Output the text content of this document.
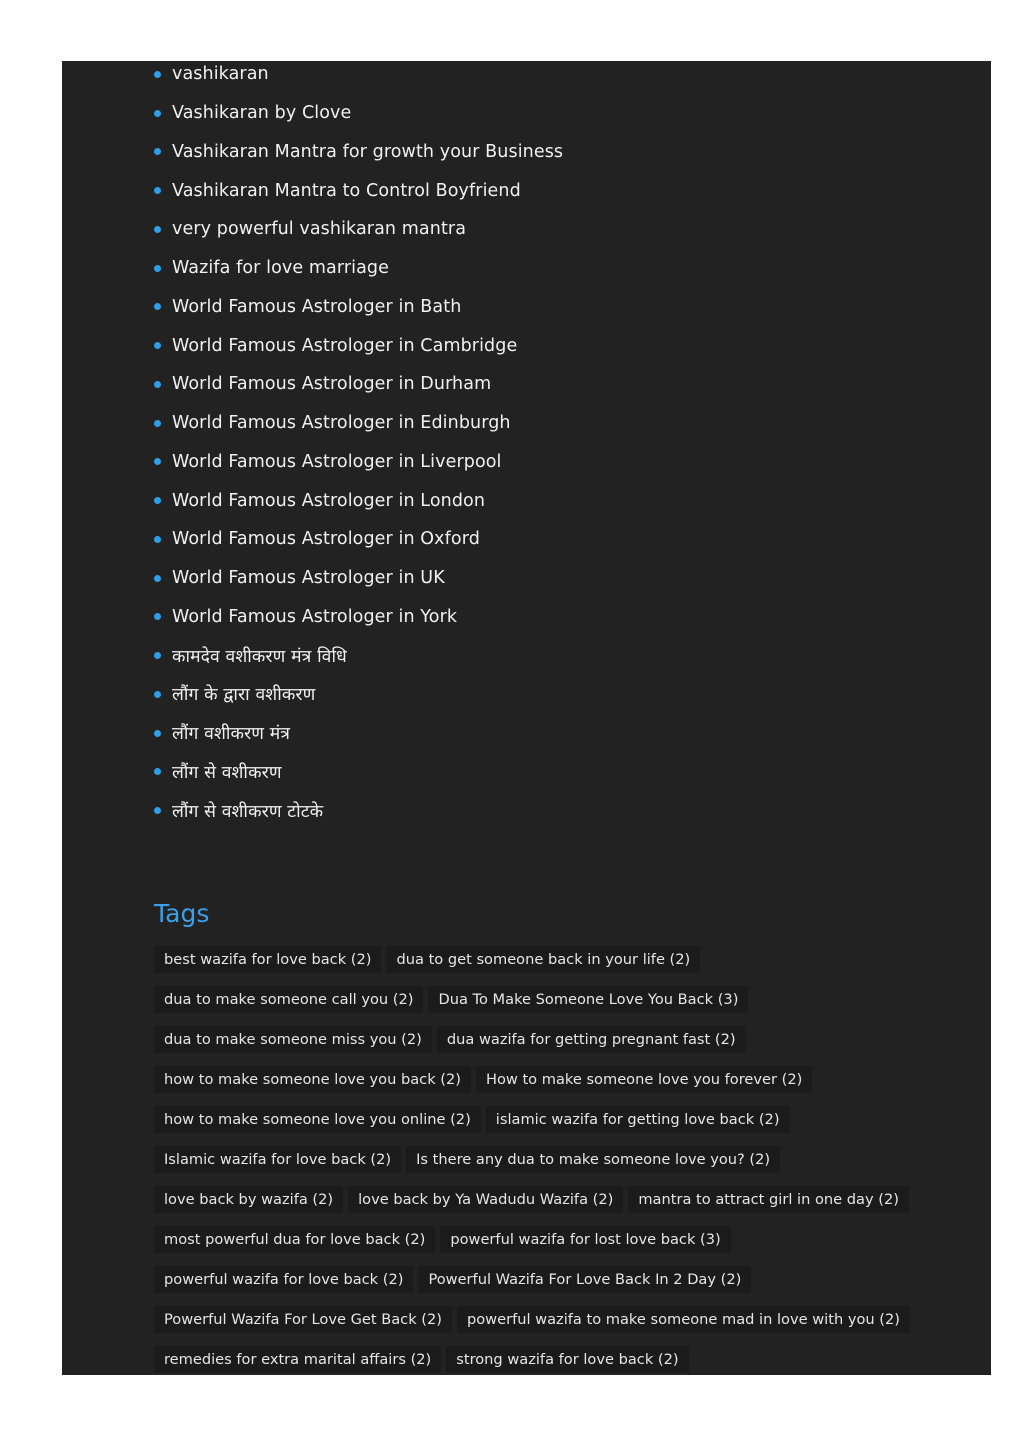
vashikaran
Vashikaran by Clove
Vashikaran Mantra for growth your Business
Vashikaran Mantra to Control Boyfriend
very powerful vashikaran mantra
Wazifa for love marriage
World Famous Astrologer in Bath
World Famous Astrologer in Cambridge
World Famous Astrologer in Durham
World Famous Astrologer in Edinburgh
World Famous Astrologer in Liverpool
World Famous Astrologer in London
World Famous Astrologer in Oxford
World Famous Astrologer in UK
World Famous Astrologer in York
कामदेव वशीकरण मंत्र विधि
लौंग के द्वारा वशीकरण
लौंग वशीकरण मंत्र
लौंग से वशीकरण
लौंग से वशीकरण टोटके
Tags
best wazifa for love back (2)	dua to get someone back in your life (2)
dua to make someone call you (2)	Dua To Make Someone Love You Back (3)
dua to make someone miss you (2)	dua wazifa for getting pregnant fast (2)
how to make someone love you back (2)	How to make someone love you forever (2)
how to make someone love you online (2)	islamic wazifa for getting love back (2)
Islamic wazifa for love back (2)	Is there any dua to make someone love you? (2)
love back by wazifa (2)	love back by Ya Wadudu Wazifa (2)	mantra to attract girl in one day (2)
most powerful dua for love back (2)	powerful wazifa for lost love back (3)
powerful wazifa for love back (2)	Powerful Wazifa For Love Back In 2 Day (2)
Powerful Wazifa For Love Get Back (2)	powerful wazifa to make someone mad in love with you (2)
remedies for extra marital affairs (2)	strong wazifa for love back (2)
